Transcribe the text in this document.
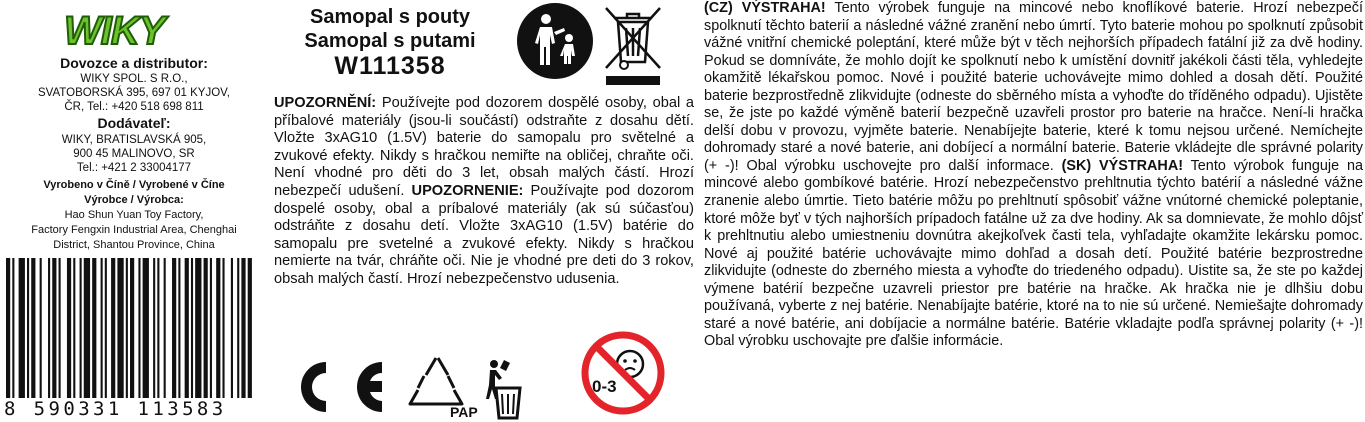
WIKY
Dovozce a distributor:
WIKY SPOL. S R.O.,
SVATOBORSKÁ 395, 697 01 KYJOV,
ČR, Tel.: +420 518 698 811
Dodávateľ:
WIKY, BRATISLAVSKÁ 905,
900 45 MALINOVO, SR
Tel.: +421 2 33004177
Vyrobeno v Číně / Vyrobené v Číne
Výrobce / Výrobca:
Hao Shun Yuan Toy Factory,
Factory Fengxin Industrial Area, Chenghai
District, Shantou Province, China
8 590331 113583
Samopal s pouty
Samopal s putami
W111358
UPOZORNĚNÍ: Používejte pod dozorem dospělé osoby, obal a příbalové materiály (jsou-li součástí) odstraňte z dosahu dětí. Vložte 3xAG10 (1.5V) baterie do samopalu pro světelné a zvukové efekty. Nikdy s hračkou nemiřte na obličej, chraňte oči. Není vhodné pro děti do 3 let, obsah malých částí. Hrozí nebezpečí udušení. UPOZORNENIE: Používajte pod dozorom dospelé osoby, obal a príbalové materiály (ak sú súčasťou) odstráňte z dosahu detí. Vložte 3xAG10 (1.5V) batérie do samopalu pre svetelné a zvukové efekty. Nikdy s hračkou nemierte na tvár, chráňte oči. Nie je vhodné pre deti do 3 rokov, obsah malých častí. Hrozí nebezpečenstvo udusenia.
PAP
0-3
(CZ) VÝSTRAHA! Tento výrobek funguje na mincové nebo knoflíkové baterie. Hrozí nebezpečí spolknutí těchto baterií a následné vážné zranění nebo úmrtí. Tyto baterie mohou po spolknutí způsobit vážné vnitřní chemické poleptání, které může být v těch nejhorších případech fatální již za dvě hodiny. Pokud se domníváte, že mohlo dojít ke spolknutí nebo k umístění dovnitř jakékoli části těla, vyhledejte okamžitě lékařskou pomoc. Nové i použité baterie uchovávejte mimo dohled a dosah dětí. Použité baterie bezprostředně zlikvidujte (odneste do sběrného místa a vyhoďte do tříděného odpadu). Ujistěte se, že jste po každé výměně baterií bezpečně uzavřeli prostor pro baterie na hračce. Není-li hračka delší dobu v provozu, vyjměte baterie. Nenabíjejte baterie, které k tomu nejsou určené. Nemíchejte dohromady staré a nové baterie, ani dobíjecí a normální baterie. Baterie vkládejte dle správné polarity (+ -)! Obal výrobku uschovejte pro další informace. (SK) VÝSTRAHA! Tento výrobok funguje na mincové alebo gombíkové batérie. Hrozí nebezpečenstvo prehltnutia týchto batérií a následné vážne zranenie alebo úmrtie. Tieto batérie môžu po prehltnutí spôsobiť vážne vnútorné chemické poleptanie, ktoré môže byť v tých najhorších prípadoch fatálne už za dve hodiny. Ak sa domnievate, že mohlo dôjsť k prehltnutiu alebo umiestneniu dovnútra akejkoľvek časti tela, vyhľadajte okamžite lekársku pomoc. Nové aj použité batérie uchovávajte mimo dohľad a dosah detí. Použité batérie bezprostredne zlikvidujte (odneste do zberného miesta a vyhoďte do triedeného odpadu). Uistite sa, že ste po každej výmene batérií bezpečne uzavreli priestor pre batérie na hračke. Ak hračka nie je dlhšiu dobu používaná, vyberte z nej batérie. Nenabíjajte batérie, ktoré na to nie sú určené. Nemiešajte dohromady staré a nové batérie, ani dobíjacie a normálne batérie. Batérie vkladajte podľa správnej polarity (+ -)! Obal výrobku uschovajte pre ďalšie informácie.
